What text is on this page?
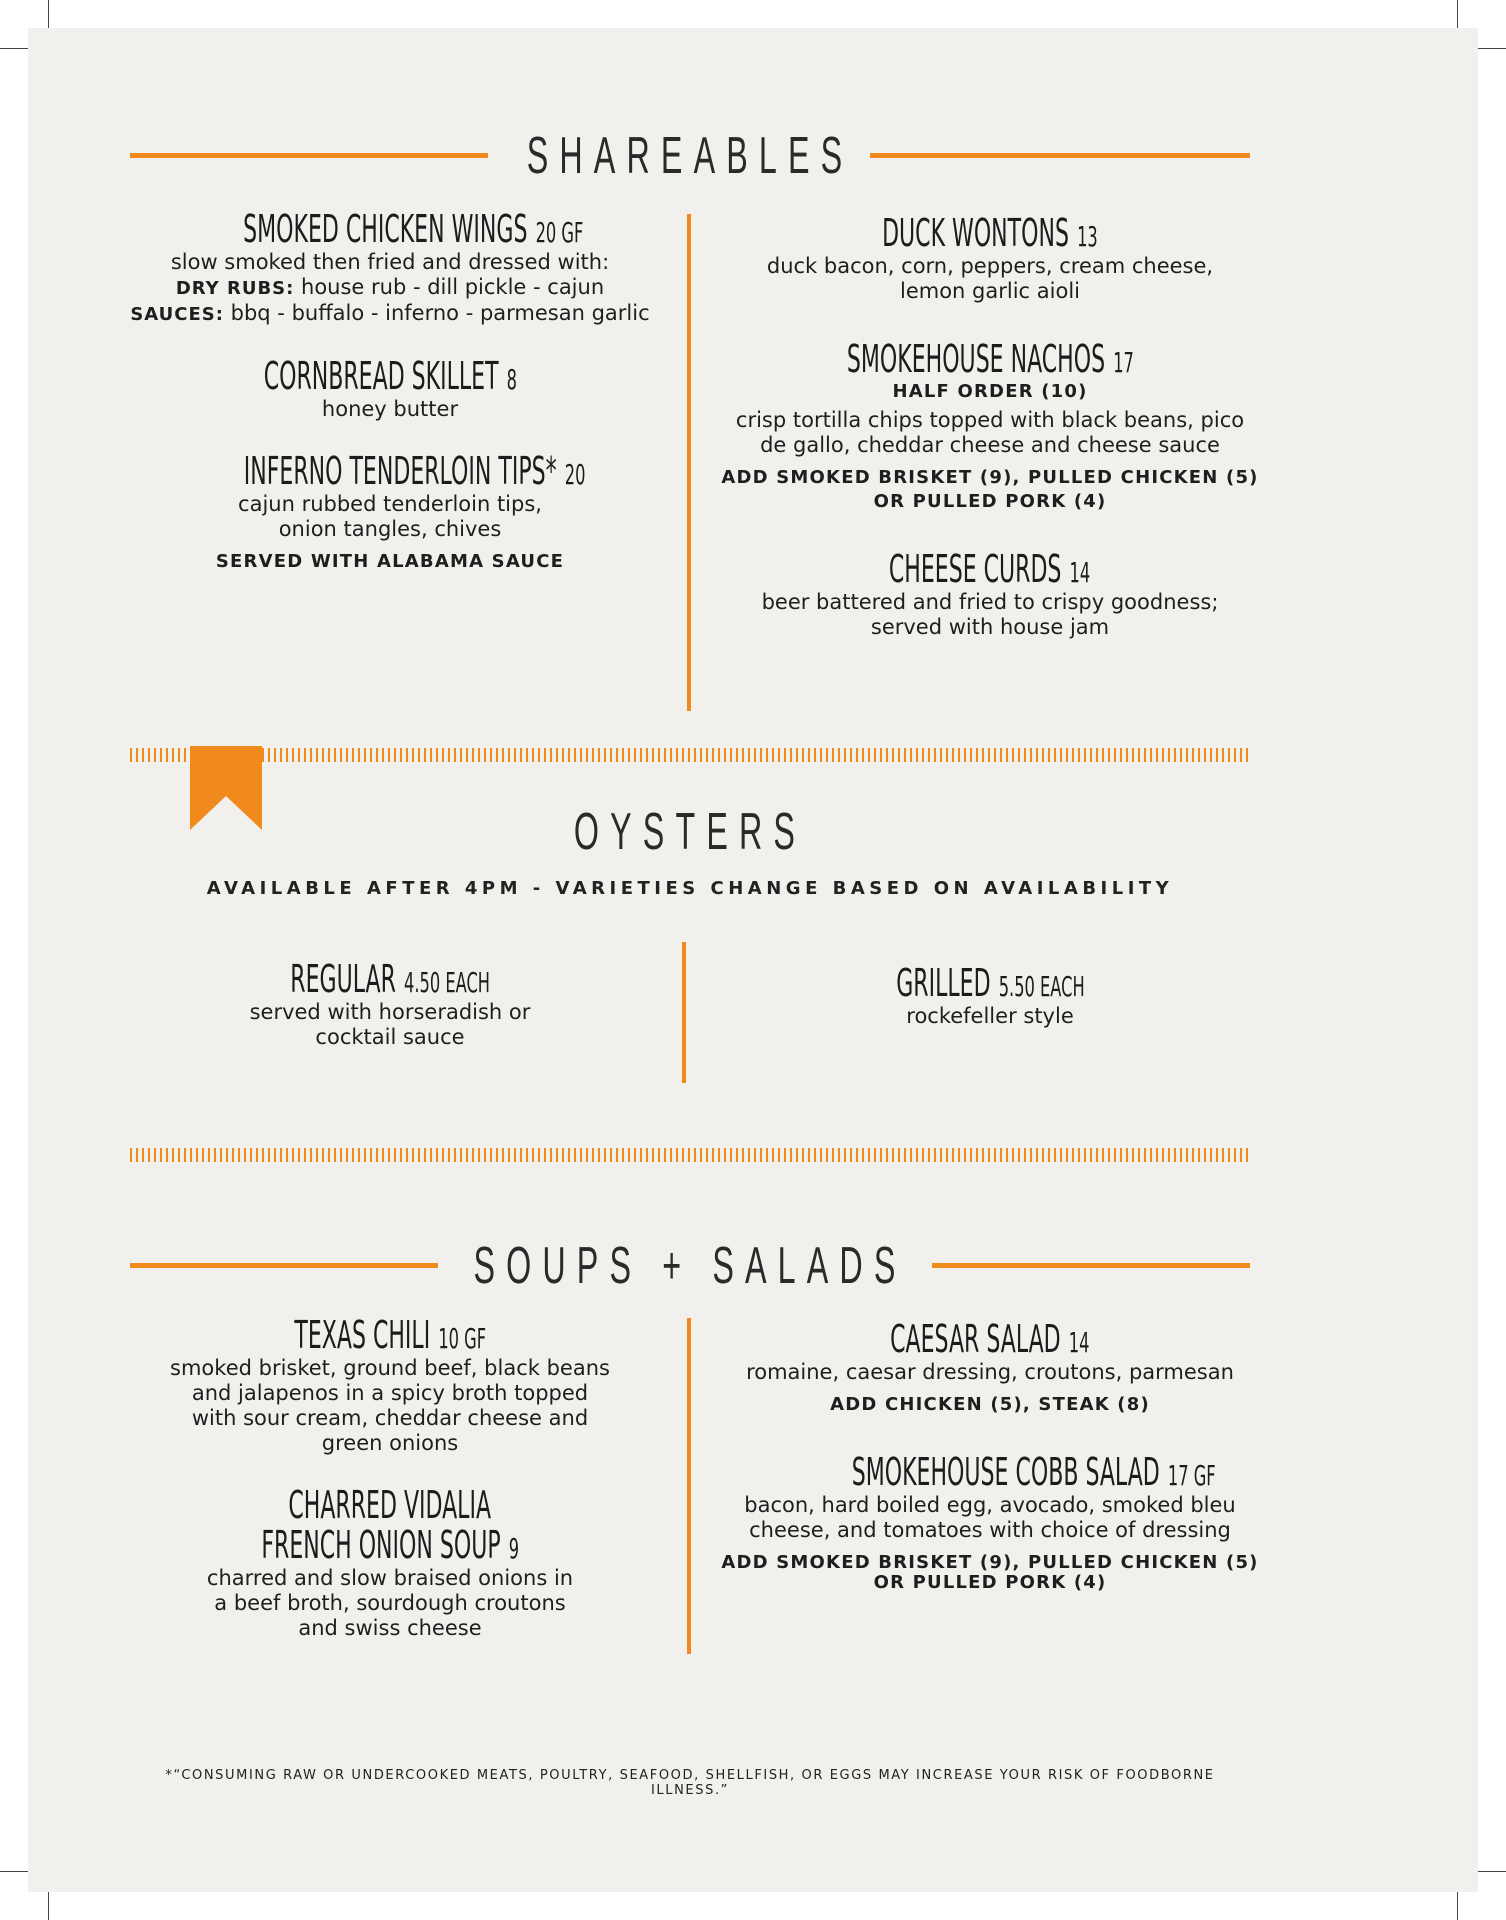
SHAREABLES
SMOKED CHICKEN WINGS 20 GF
slow smoked then fried and dressed with:
DRY RUBS: house rub - dill pickle - cajun
SAUCES: bbq - buffalo - inferno - parmesan garlic
CORNBREAD SKILLET 8
honey butter
INFERNO TENDERLOIN TIPS* 20
cajun rubbed tenderloin tips,
onion tangles, chives
SERVED WITH ALABAMA SAUCE
DUCK WONTONS 13
duck bacon, corn, peppers, cream cheese,
lemon garlic aioli
SMOKEHOUSE NACHOS 17
HALF ORDER (10)
crisp tortilla chips topped with black beans, pico
de gallo, cheddar cheese and cheese sauce
ADD SMOKED BRISKET (9), PULLED CHICKEN (5)
OR PULLED PORK (4)
CHEESE CURDS 14
beer battered and fried to crispy goodness;
served with house jam
OYSTERS
AVAILABLE AFTER 4PM - VARIETIES CHANGE BASED ON AVAILABILITY
REGULAR 4.50 EACH
served with horseradish or
cocktail sauce
GRILLED 5.50 EACH
rockefeller style
SOUPS + SALADS
TEXAS CHILI 10 GF
smoked brisket, ground beef, black beans
and jalapenos in a spicy broth topped
with sour cream, cheddar cheese and
green onions
CHARRED VIDALIA
FRENCH ONION SOUP 9
charred and slow braised onions in
a beef broth, sourdough croutons
and swiss cheese
CAESAR SALAD 14
romaine, caesar dressing, croutons, parmesan
ADD CHICKEN (5), STEAK (8)
SMOKEHOUSE COBB SALAD 17 GF
bacon, hard boiled egg, avocado, smoked bleu
cheese, and tomatoes with choice of dressing
ADD SMOKED BRISKET (9), PULLED CHICKEN (5)
OR PULLED PORK (4)
*“CONSUMING RAW OR UNDERCOOKED MEATS, POULTRY, SEAFOOD, SHELLFISH, OR EGGS MAY INCREASE YOUR RISK OF FOODBORNE ILLNESS.”
